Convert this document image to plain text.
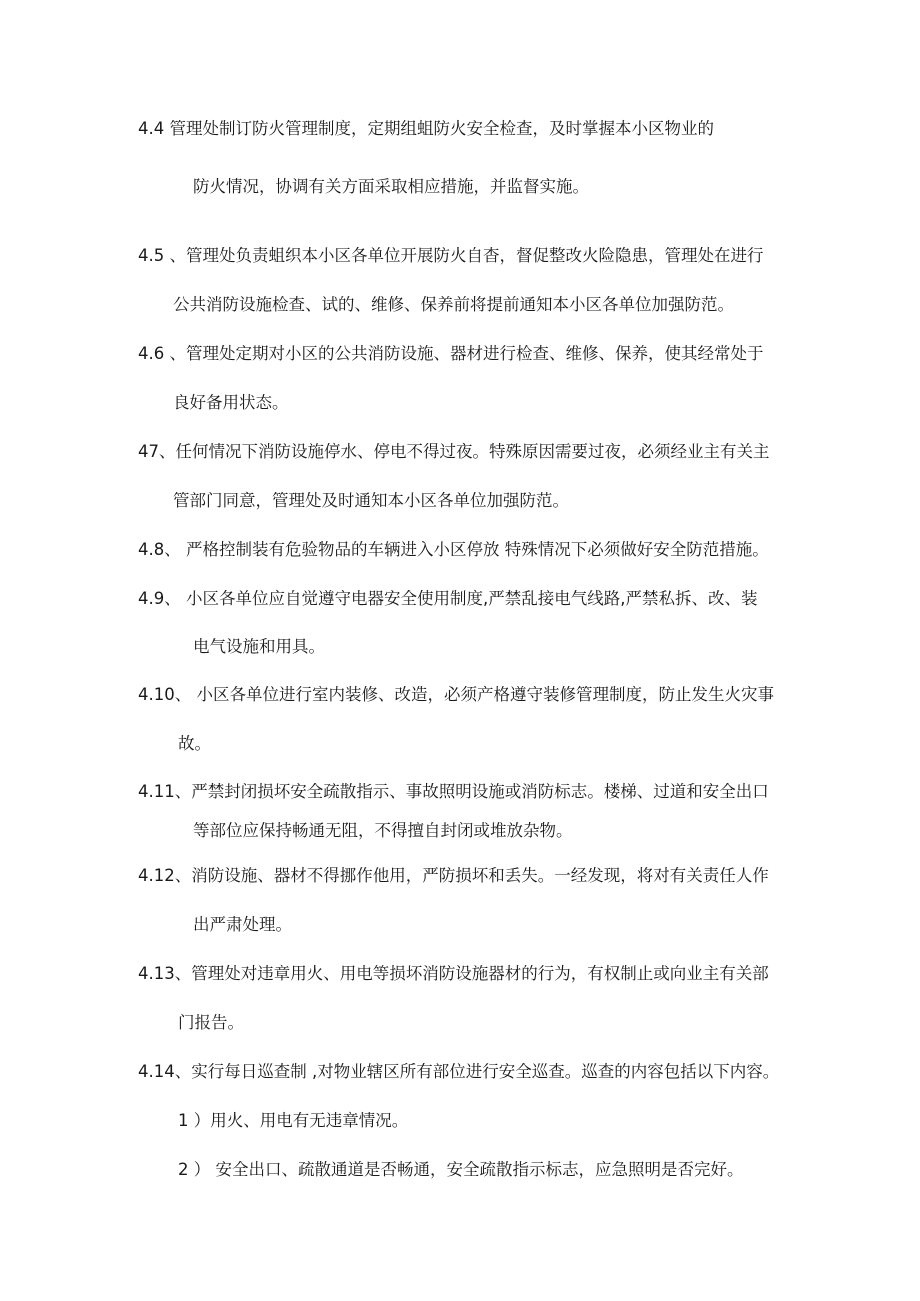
4.4 管理处制订防火管理制度，定期组蛆防火安全检查，及时掌握本小区物业的
防火情况，协调有关方面采取相应措施，并监督实施。
4.5 、管理处负责蛆织本小区各单位开展防火自杳，督促整改火险隐患，管理处在进行
公共消防设施检查、试的、维修、保养前将提前通知本小区各单位加强防范。
4.6 、管理处定期对小区的公共消防设施、器材进行检查、维修、保养，使其经常处于
良好备用状态。
47、任何情况下消防设施停水、停电不得过夜。特殊原因需要过夜，必须经业主有关主
管部门同意，管理处及时通知本小区各单位加强防范。
4.8、 严格控制装有危验物品的车辆进入小区停放 特殊情况下必须做好安全防范措施。
4.9、 小区各单位应自觉遵守电器安全使用制度,严禁乱接电气线路,严禁私拆、改、装
电气设施和用具。
4.10、 小区各单位进行室内装修、改造，必须产格遵守装修管理制度，防止发生火灾事
故。
4.11、严禁封闭损坏安全疏散指示、事故照明设施或消防标志。楼梯、过道和安全出口
等部位应保持畅通无阻，不得擅自封闭或堆放杂物。
4.12、消防设施、器材不得挪作他用，严防损坏和丢失。一经发现，将对有关责任人作
出严肃处理。
4.13、管理处对违章用火、用电等损坏消防设施器材的行为，有权制止或向业主有关部
门报告。
4.14、实行每日巡查制 ,对物业辖区所有部位进行安全巡查。巡查的内容包括以下内容。
1 ）用火、用电有无违章情况。
2 ） 安全出口、疏散通道是否畅通，安全疏散指示标志，应急照明是否完好。
